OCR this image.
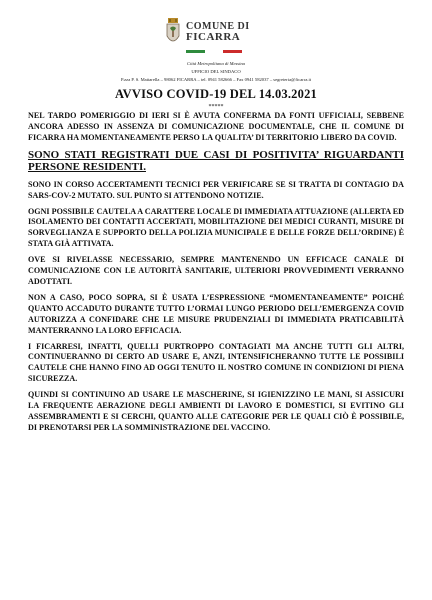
COMUNE DI
FICARRA
Città Metropolitana di Messina
UFFICIO DEL SINDACO
P.zza P. S. Mattarella – 98062 FICARRA – tel. 0941 582666 – Fax 0941 582037 – segreteria@ficarra.it
AVVISO COVID-19 DEL 14.03.2021
*****

NEL TARDO POMERIGGIO DI IERI SI È AVUTA CONFERMA DA FONTI UFFICIALI, SEBBENE ANCORA ADESSO IN ASSENZA DI COMUNICAZIONE DOCUMENTALE, CHE IL COMUNE DI FICARRA HA MOMENTANEAMENTE PERSO LA QUALITA’ DI TERRITORIO LIBERO DA COVID.

SONO STATI REGISTRATI DUE CASI DI POSITIVITA’ RIGUARDANTI PERSONE RESIDENTI.

SONO IN CORSO ACCERTAMENTI TECNICI PER VERIFICARE SE SI TRATTA DI CONTAGIO DA SARS-COV-2 MUTATO. SUL PUNTO SI ATTENDONO NOTIZIE.

OGNI POSSIBILE CAUTELA A CARATTERE LOCALE DI IMMEDIATA ATTUAZIONE (ALLERTA ED ISOLAMENTO DEI CONTATTI ACCERTATI, MOBILITAZIONE DEI MEDICI CURANTI, MISURE DI SORVEGLIANZA E SUPPORTO DELLA POLIZIA MUNICIPALE E DELLE FORZE DELL’ORDINE) È STATA GIÀ ATTIVATA.

OVE SI RIVELASSE NECESSARIO, SEMPRE MANTENENDO UN EFFICACE CANALE DI COMUNICAZIONE CON LE AUTORITÀ SANITARIE, ULTERIORI PROVVEDIMENTI VERRANNO ADOTTATI.

NON A CASO, POCO SOPRA, SI È USATA L’ESPRESSIONE “MOMENTANEAMENTE” POICHÉ QUANTO ACCADUTO DURANTE TUTTO L’ORMAI LUNGO PERIODO DELL’EMERGENZA COVID AUTORIZZA A CONFIDARE CHE LE MISURE PRUDENZIALI DI IMMEDIATA PRATICABILITÀ MANTERRANNO LA LORO EFFICACIA.

I FICARRESI, INFATTI, QUELLI PURTROPPO CONTAGIATI MA ANCHE TUTTI GLI ALTRI, CONTINUERANNO DI CERTO AD USARE E, ANZI, INTENSIFICHERANNO TUTTE LE POSSIBILI CAUTELE CHE HANNO FINO AD OGGI TENUTO IL NOSTRO COMUNE IN CONDIZIONI DI PIENA SICUREZZA.

QUINDI SI CONTINUINO AD USARE LE MASCHERINE, SI IGIENIZZINO LE MANI, SI ASSICURI LA FREQUENTE AERAZIONE DEGLI AMBIENTI DI LAVORO E DOMESTICI, SI EVITINO GLI ASSEMBRAMENTI E SI CERCHI, QUANTO ALLE CATEGORIE PER LE QUALI CIÒ È POSSIBILE, DI PRENOTARSI PER LA SOMMINISTRAZIONE DEL VACCINO.
